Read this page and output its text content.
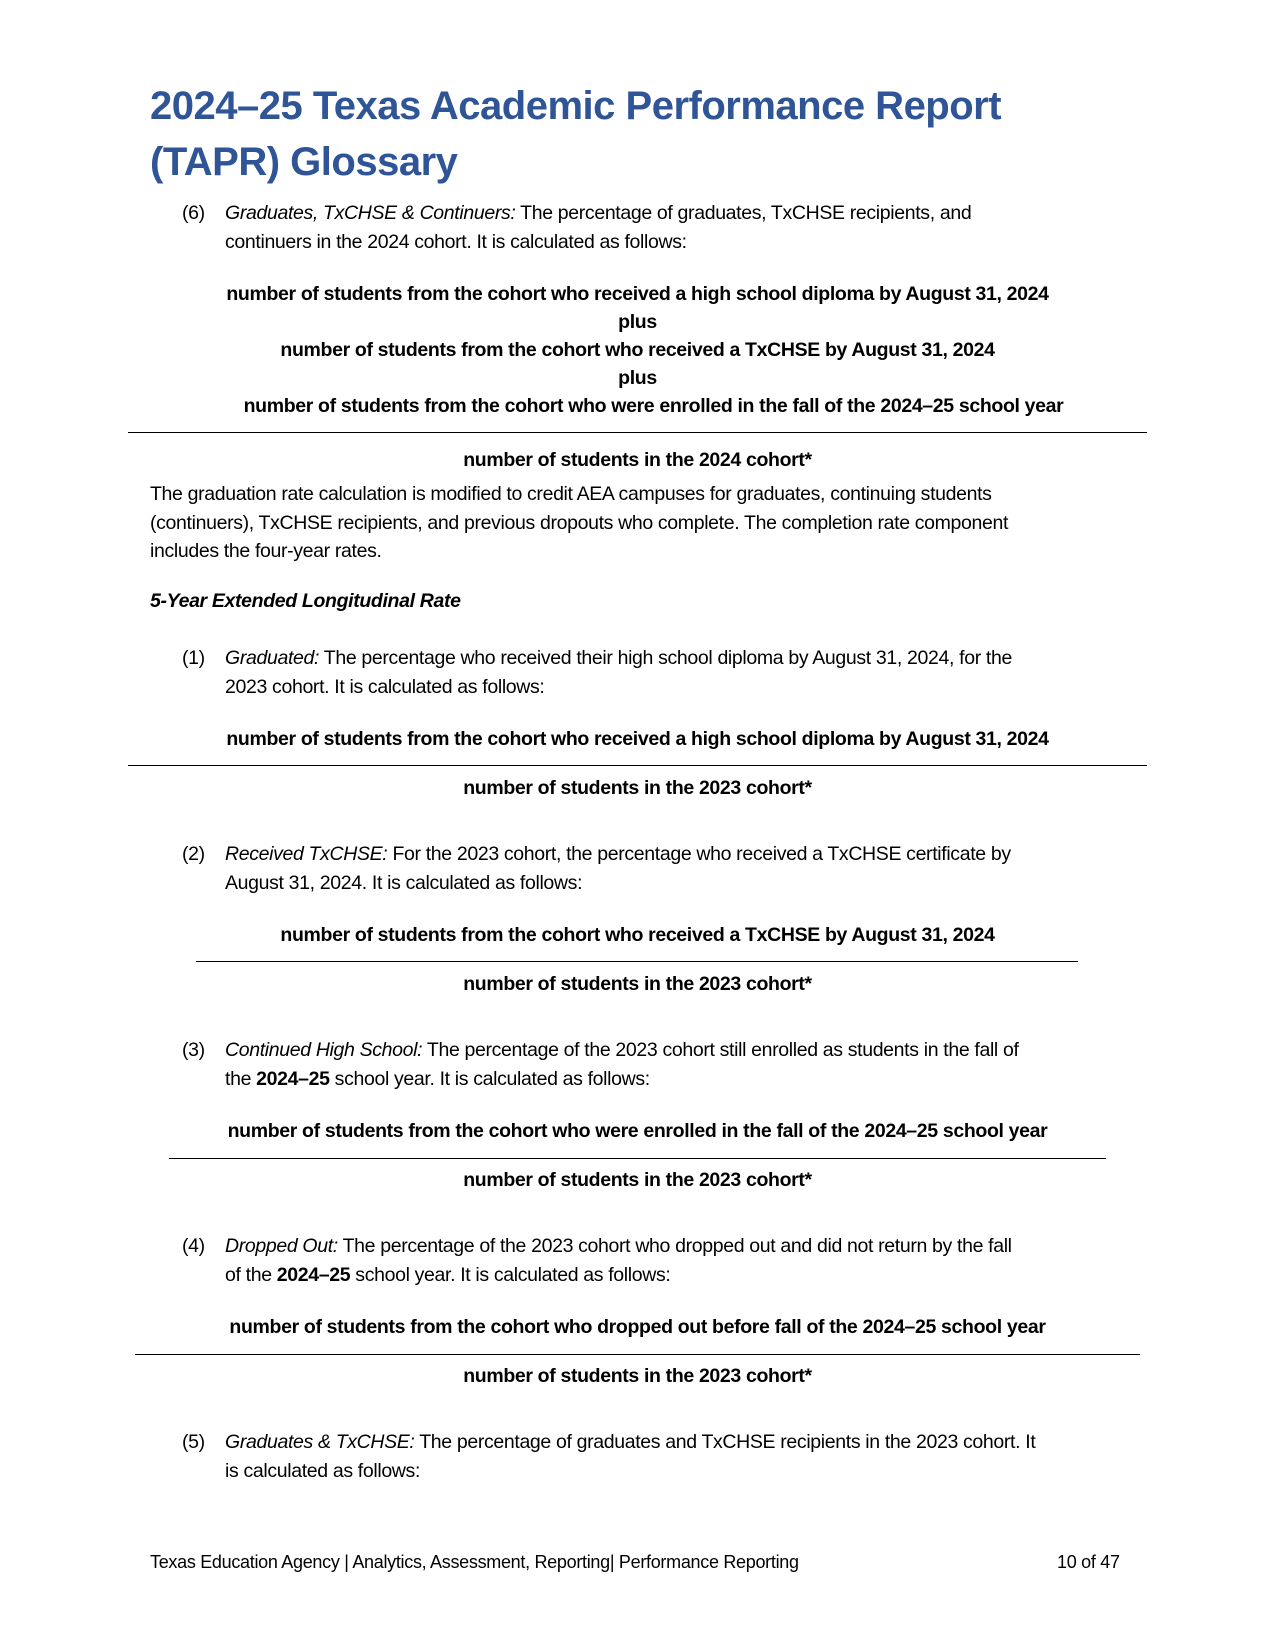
2024–25 Texas Academic Performance Report
(TAPR) Glossary
(6) Graduates, TxCHSE & Continuers: The percentage of graduates, TxCHSE recipients, and
continuers in the 2024 cohort. It is calculated as follows:
number of students from the cohort who received a high school diploma by August 31, 2024
plus
number of students from the cohort who received a TxCHSE by August 31, 2024
plus
number of students from the cohort who were enrolled in the fall of the 2024–25 school year
number of students in the 2024 cohort*
The graduation rate calculation is modified to credit AEA campuses for graduates, continuing students
(continuers), TxCHSE recipients, and previous dropouts who complete. The completion rate component
includes the four-year rates.
5-Year Extended Longitudinal Rate
(1) Graduated: The percentage who received their high school diploma by August 31, 2024, for the
2023 cohort. It is calculated as follows:
number of students from the cohort who received a high school diploma by August 31, 2024
number of students in the 2023 cohort*
(2) Received TxCHSE: For the 2023 cohort, the percentage who received a TxCHSE certificate by
August 31, 2024. It is calculated as follows:
number of students from the cohort who received a TxCHSE by August 31, 2024
number of students in the 2023 cohort*
(3) Continued High School: The percentage of the 2023 cohort still enrolled as students in the fall of
the 2024–25 school year. It is calculated as follows:
number of students from the cohort who were enrolled in the fall of the 2024–25 school year
number of students in the 2023 cohort*
(4) Dropped Out: The percentage of the 2023 cohort who dropped out and did not return by the fall
of the 2024–25 school year. It is calculated as follows:
number of students from the cohort who dropped out before fall of the 2024–25 school year
number of students in the 2023 cohort*
(5) Graduates & TxCHSE: The percentage of graduates and TxCHSE recipients in the 2023 cohort. It
is calculated as follows:
Texas Education Agency | Analytics, Assessment, Reporting| Performance Reporting	10 of 47
